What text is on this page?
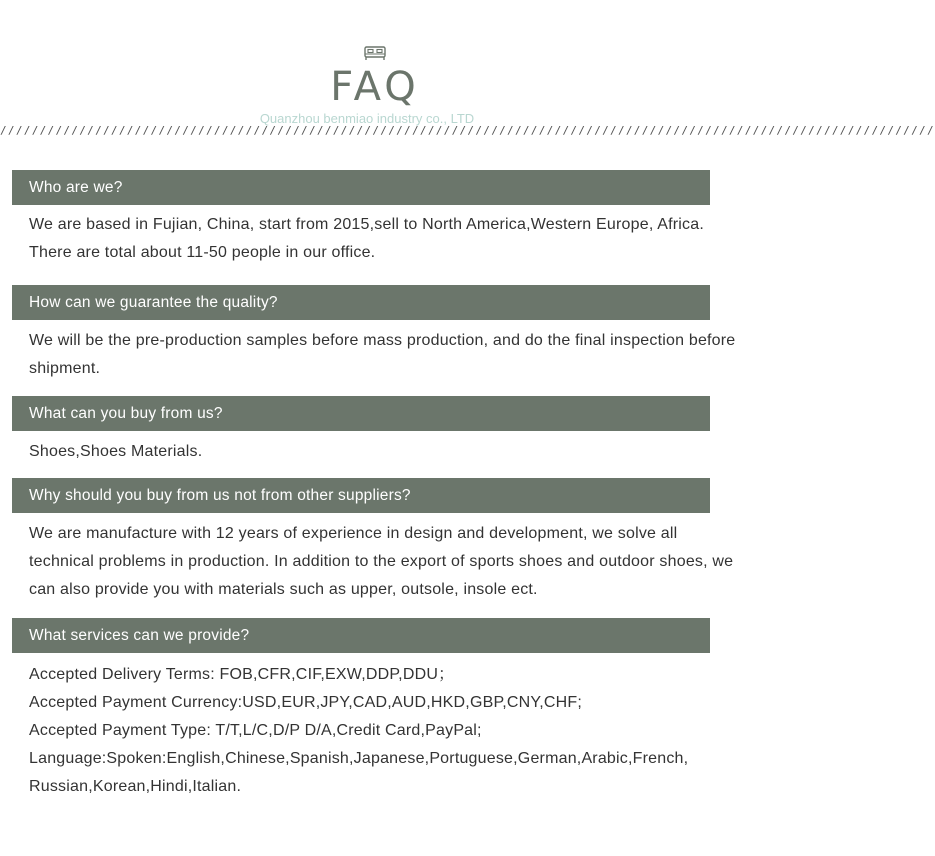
FAQ
Quanzhou benmiao industry co., LTD
//////////////////////////////////////////////////////////////////////////////////////////////////////////////////////
Who are we?
We are based in Fujian, China, start from 2015,sell to North America,Western Europe, Africa. There are total about 11-50 people in our office.
How can we guarantee the quality?
We will be the pre-production samples before mass production, and do the final inspection before shipment.
What can you buy from us?
Shoes,Shoes Materials.
Why should you buy from us not from other suppliers?
We are manufacture with 12 years of experience in design and development, we solve all technical problems in production. In addition to the export of sports shoes and outdoor shoes, we can also provide you with materials such as upper, outsole, insole ect.
What services can we provide?
Accepted Delivery Terms: FOB,CFR,CIF,EXW,DDP,DDU；
Accepted Payment Currency:USD,EUR,JPY,CAD,AUD,HKD,GBP,CNY,CHF;
Accepted Payment Type: T/T,L/C,D/P D/A,Credit Card,PayPal;
Language:Spoken:English,Chinese,Spanish,Japanese,Portuguese,German,Arabic,French, Russian,Korean,Hindi,Italian.
